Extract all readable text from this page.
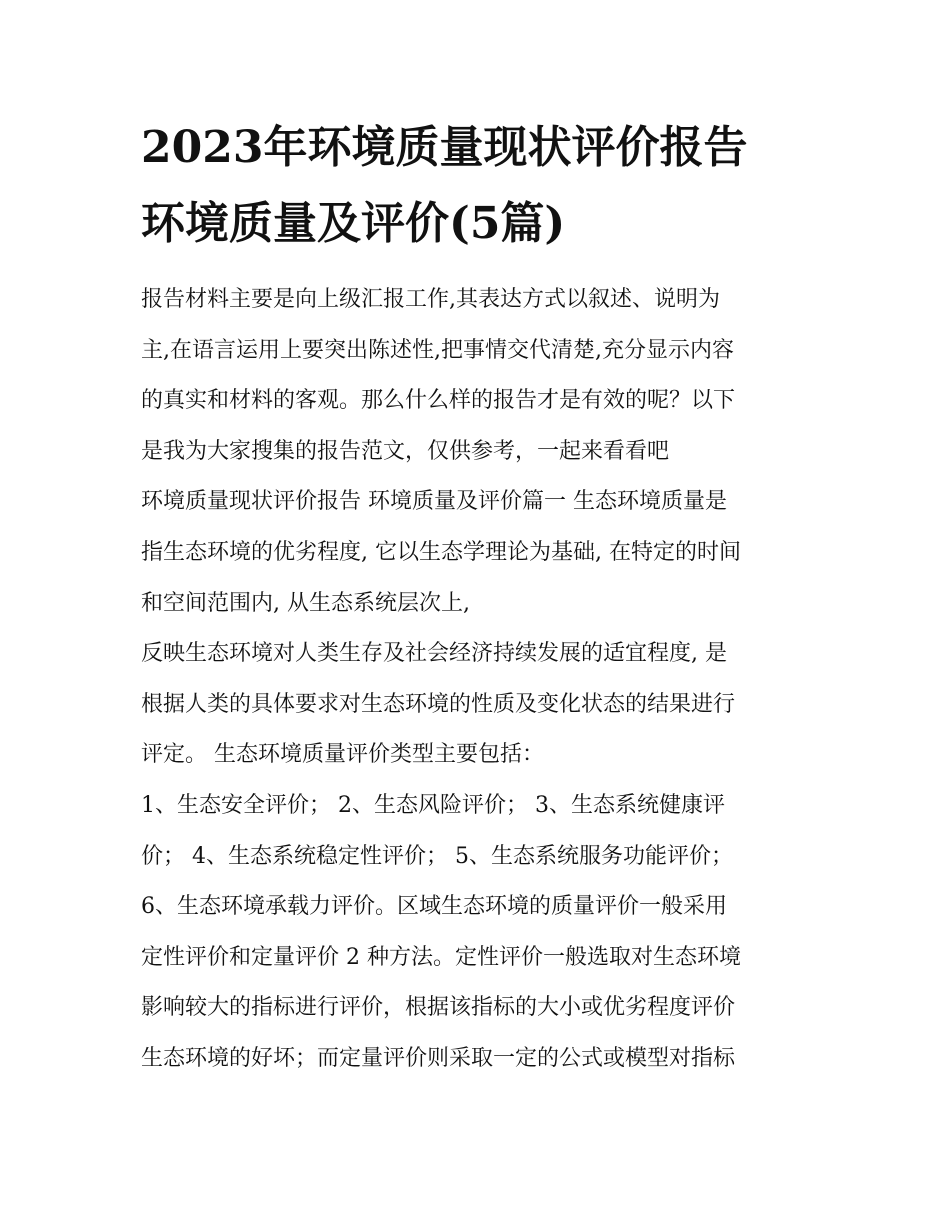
2023年环境质量现状评价报告
环境质量及评价(5篇)
报告材料主要是向上级汇报工作,其表达方式以叙述、说明为
主,在语言运用上要突出陈述性,把事情交代清楚,充分显示内容
的真实和材料的客观。那么什么样的报告才是有效的呢？以下
是我为大家搜集的报告范文，仅供参考，一起来看看吧
环境质量现状评价报告 环境质量及评价篇一 生态环境质量是
指生态环境的优劣程度, 它以生态学理论为基础, 在特定的时间
和空间范围内, 从生态系统层次上,
反映生态环境对人类生存及社会经济持续发展的适宜程度, 是
根据人类的具体要求对生态环境的性质及变化状态的结果进行
评定。 生态环境质量评价类型主要包括：
1、生态安全评价； 2、生态风险评价； 3、生态系统健康评
价； 4、生态系统稳定性评价； 5、生态系统服务功能评价；
6、生态环境承载力评价。区域生态环境的质量评价一般采用
定性评价和定量评价 2 种方法。定性评价一般选取对生态环境
影响较大的指标进行评价，根据该指标的大小或优劣程度评价
生态环境的好坏；而定量评价则采取一定的公式或模型对指标
